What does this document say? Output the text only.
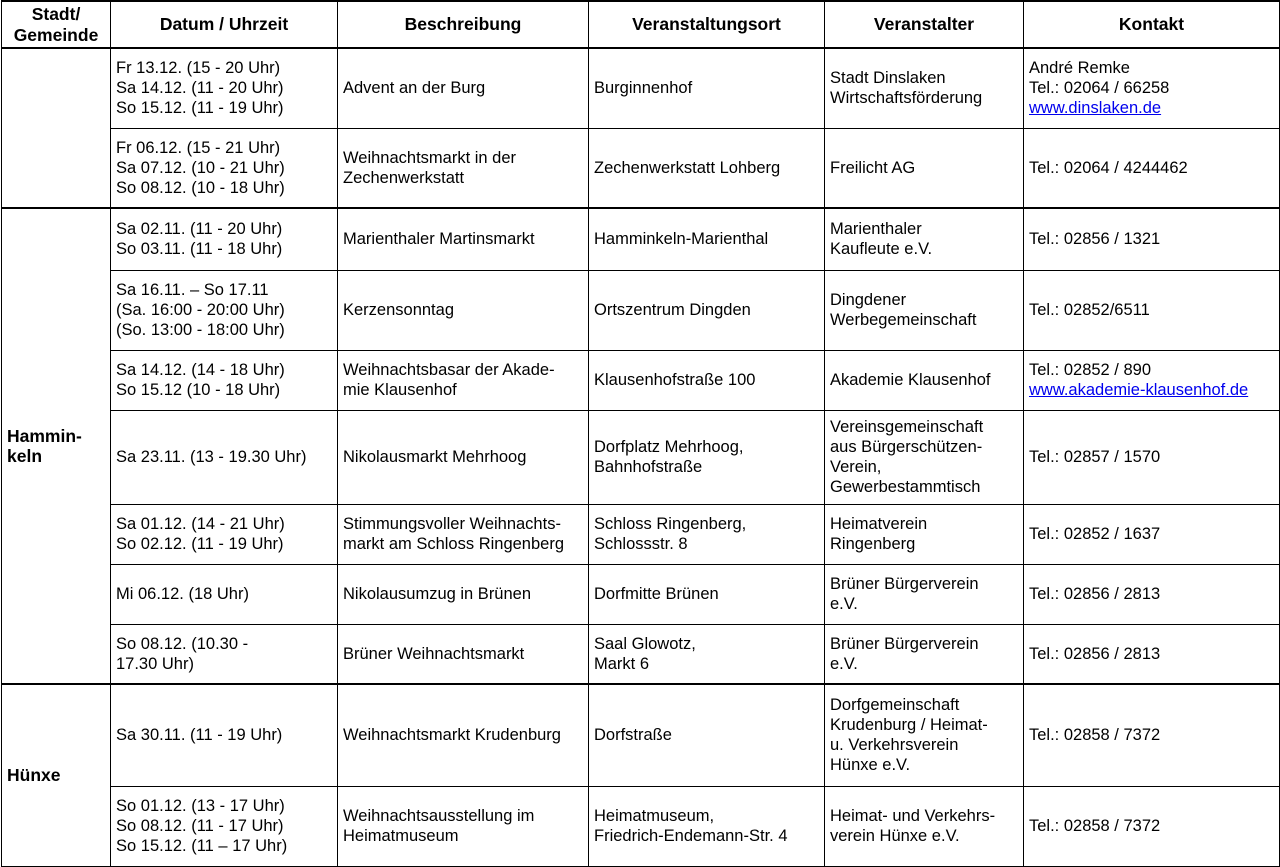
Stadt/
Gemeinde	Datum / Uhrzeit	Beschreibung	Veranstaltungsort	Veranstalter	Kontakt

	Fr 13.12. (15 - 20 Uhr)
Sa 14.12. (11 - 20 Uhr)
So 15.12. (11 - 19 Uhr)	Advent an der Burg	Burginnenhof	Stadt Dinslaken
Wirtschaftsförderung	André Remke
Tel.: 02064 / 66258
www.dinslaken.de

	Fr 06.12. (15 - 21 Uhr)
Sa 07.12. (10 - 21 Uhr)
So 08.12. (10 - 18 Uhr)	Weihnachtsmarkt in der
Zechenwerkstatt	Zechenwerkstatt Lohberg	Freilicht AG	Tel.: 02064 / 4244462

Hammin-
keln	Sa 02.11. (11 - 20 Uhr)
So 03.11. (11 - 18 Uhr)	Marienthaler Martinsmarkt	Hamminkeln-Marienthal	Marienthaler
Kaufleute e.V.	Tel.: 02856 / 1321

	Sa 16.11. – So 17.11
(Sa. 16:00 - 20:00 Uhr)
(So. 13:00 - 18:00 Uhr)	Kerzensonntag	Ortszentrum Dingden	Dingdener
Werbegemeinschaft	Tel.: 02852/6511

	Sa 14.12. (14 - 18 Uhr)
So 15.12 (10 - 18 Uhr)	Weihnachtsbasar der Akade-
mie Klausenhof	Klausenhofstraße 100	Akademie Klausenhof	Tel.: 02852 / 890
www.akademie-klausenhof.de

	Sa 23.11. (13 - 19.30 Uhr)	Nikolausmarkt Mehrhoog	Dorfplatz Mehrhoog,
Bahnhofstraße	Vereinsgemeinschaft
aus Bürgerschützen-
Verein,
Gewerbestammtisch	Tel.: 02857 / 1570

	Sa 01.12. (14 - 21 Uhr)
So 02.12. (11 - 19 Uhr)	Stimmungsvoller Weihnachts-
markt am Schloss Ringenberg	Schloss Ringenberg,
Schlossstr. 8	Heimatverein
Ringenberg	Tel.: 02852 / 1637

	Mi 06.12. (18 Uhr)	Nikolausumzug in Brünen	Dorfmitte Brünen	Brüner Bürgerverein
e.V.	Tel.: 02856 / 2813

	So 08.12. (10.30 -
17.30 Uhr)	Brüner Weihnachtsmarkt	Saal Glowotz,
Markt 6	Brüner Bürgerverein
e.V.	Tel.: 02856 / 2813

Hünxe	Sa 30.11. (11 - 19 Uhr)	Weihnachtsmarkt Krudenburg	Dorfstraße	Dorfgemeinschaft
Krudenburg / Heimat-
u. Verkehrsverein
Hünxe e.V.	Tel.: 02858 / 7372

	So 01.12. (13 - 17 Uhr)
So 08.12. (11 - 17 Uhr)
So 15.12. (11 – 17 Uhr)	Weihnachtsausstellung im
Heimatmuseum	Heimatmuseum,
Friedrich-Endemann-Str. 4	Heimat- und Verkehrs-
verein Hünxe e.V.	Tel.: 02858 / 7372
